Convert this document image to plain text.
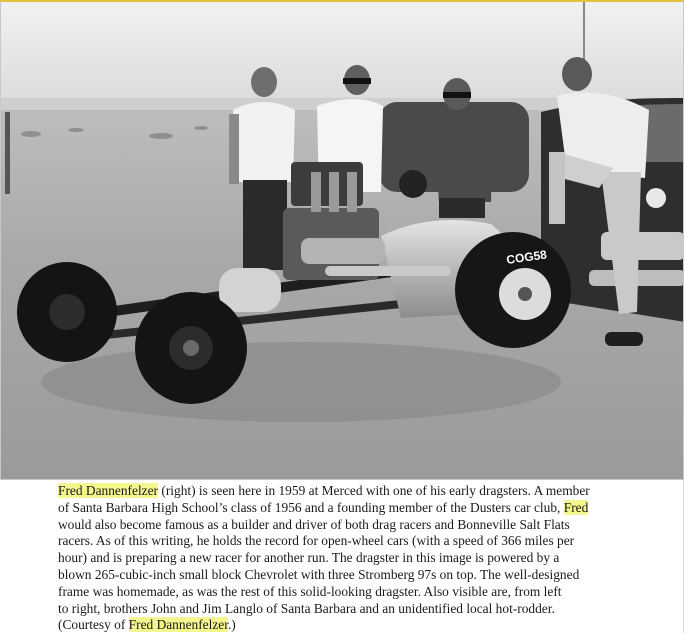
COG58
Fred Dannenfelzer (right) is seen here in 1959 at Merced with one of his early dragsters. A member
of Santa Barbara High School’s class of 1956 and a founding member of the Dusters car club, Fred
would also become famous as a builder and driver of both drag racers and Bonneville Salt Flats
racers. As of this writing, he holds the record for open-wheel cars (with a speed of 366 miles per
hour) and is preparing a new racer for another run. The dragster in this image is powered by a
blown 265-cubic-inch small block Chevrolet with three Stromberg 97s on top. The well-designed
frame was homemade, as was the rest of this solid-looking dragster. Also visible are, from left
to right, brothers John and Jim Langlo of Santa Barbara and an unidentified local hot-rodder.
(Courtesy of Fred Dannenfelzer.)
